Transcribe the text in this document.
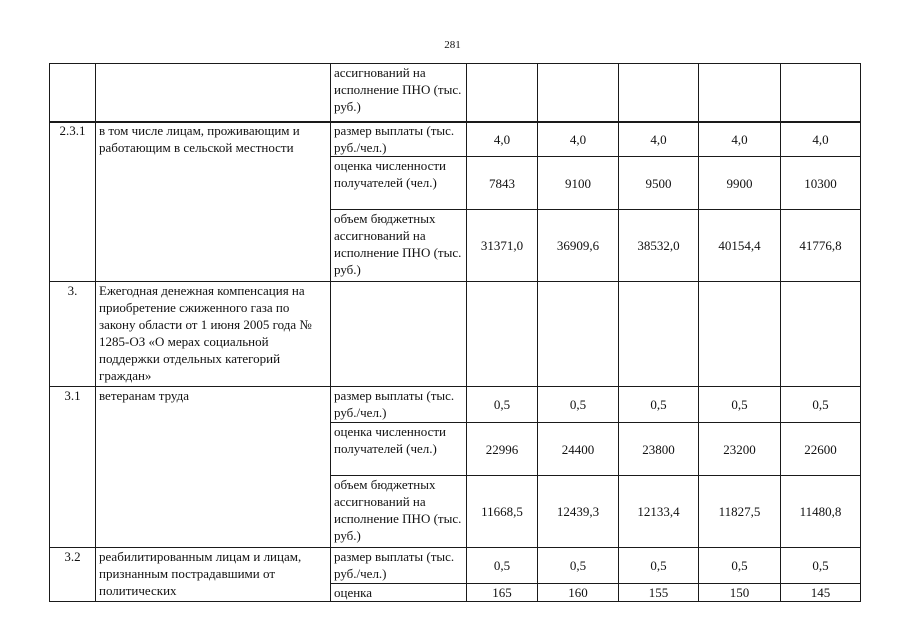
281

ассигнований на исполнение ПНО (тыс. руб.)

2.3.1	в том числе лицам, проживающим и работающим в сельской местности	размер выплаты (тыс. руб./чел.)	4,0	4,0	4,0	4,0	4,0
		оценка численности получателей (чел.)	7843	9100	9500	9900	10300
		объем бюджетных ассигнований на исполнение ПНО (тыс. руб.)	31371,0	36909,6	38532,0	40154,4	41776,8
3.	Ежегодная денежная компенсация на приобретение сжиженного газа по закону области от 1 июня 2005 года № 1285-ОЗ «О мерах социальной поддержки отдельных категорий граждан»						
3.1	ветеранам труда	размер выплаты (тыс. руб./чел.)	0,5	0,5	0,5	0,5	0,5
		оценка численности получателей (чел.)	22996	24400	23800	23200	22600
		объем бюджетных ассигнований на исполнение ПНО (тыс. руб.)	11668,5	12439,3	12133,4	11827,5	11480,8
3.2	реабилитированным лицам и лицам, признанным пострадавшими от политических	размер выплаты (тыс. руб./чел.)	0,5	0,5	0,5	0,5	0,5
		оценка	165	160	155	150	145
